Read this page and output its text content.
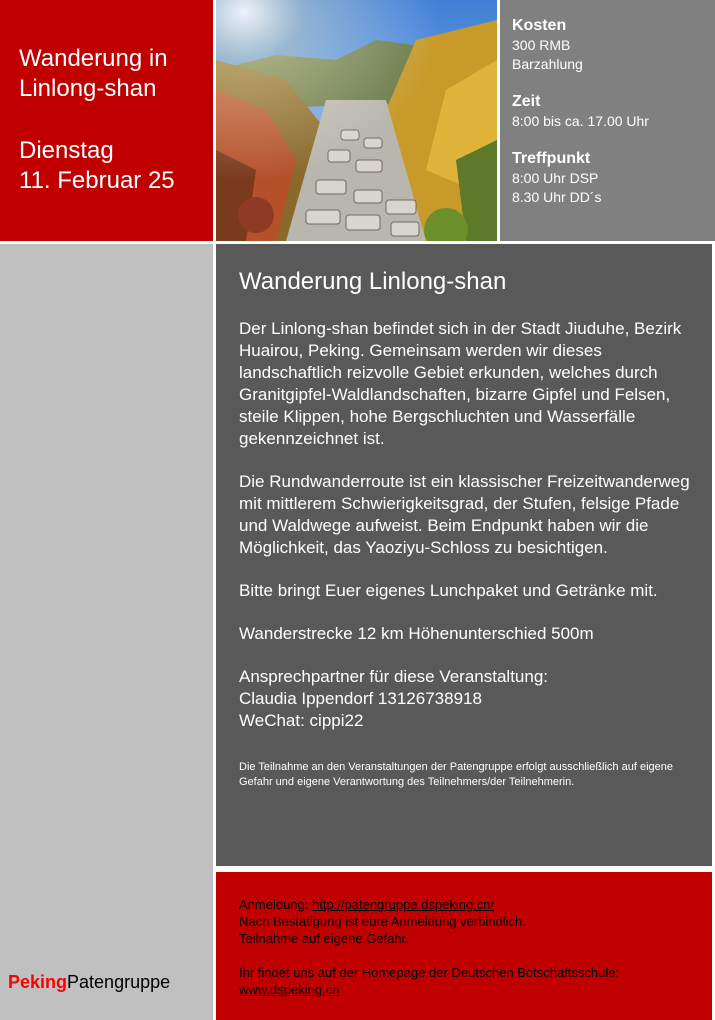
Wanderung in

Linlong-shan

Dienstag

11. Februar 25

Kosten

300 RMB

Barzahlung

Zeit

8:00 bis ca. 17.00 Uhr

Treffpunkt

8:00 Uhr DSP

8.30 Uhr DD´s

PekingPatengruppe
Wanderung Linlong-shan

Der Linlong-shan befindet sich in der Stadt Jiuduhe, Bezirk Huairou, Peking. Gemeinsam werden wir dieses landschaftlich reizvolle Gebiet erkunden, welches durch Granitgipfel-Waldlandschaften, bizarre Gipfel und Felsen, steile Klippen, hohe Bergschluchten und Wasserfälle gekennzeichnet ist.

Die Rundwanderroute ist ein klassischer Freizeitwanderweg mit mittlerem Schwierigkeitsgrad, der Stufen, felsige Pfade und Waldwege aufweist. Beim Endpunkt haben wir die Möglichkeit, das Yaoziyu-Schloss zu besichtigen.

Bitte bringt Euer eigenes Lunchpaket und Getränke mit.

Wanderstrecke 12 km Höhenunterschied 500m

Ansprechpartner für diese Veranstaltung:
Claudia Ippendorf 13126738918
WeChat: cippi22

Die Teilnahme an den Veranstaltungen der Patengruppe erfolgt ausschließlich auf eigene Gefahr und eigene Verantwortung des Teilnehmers/der Teilnehmerin.

Anmeldung: http://patengruppe.dspeking.cn/
Nach Bestätigung ist eure Anmeldung verbindlich.
Teilnahme auf eigene Gefahr.
Ihr findet uns auf der Homepage der Deutschen Botschaftsschule:
www.dspeking.cn
